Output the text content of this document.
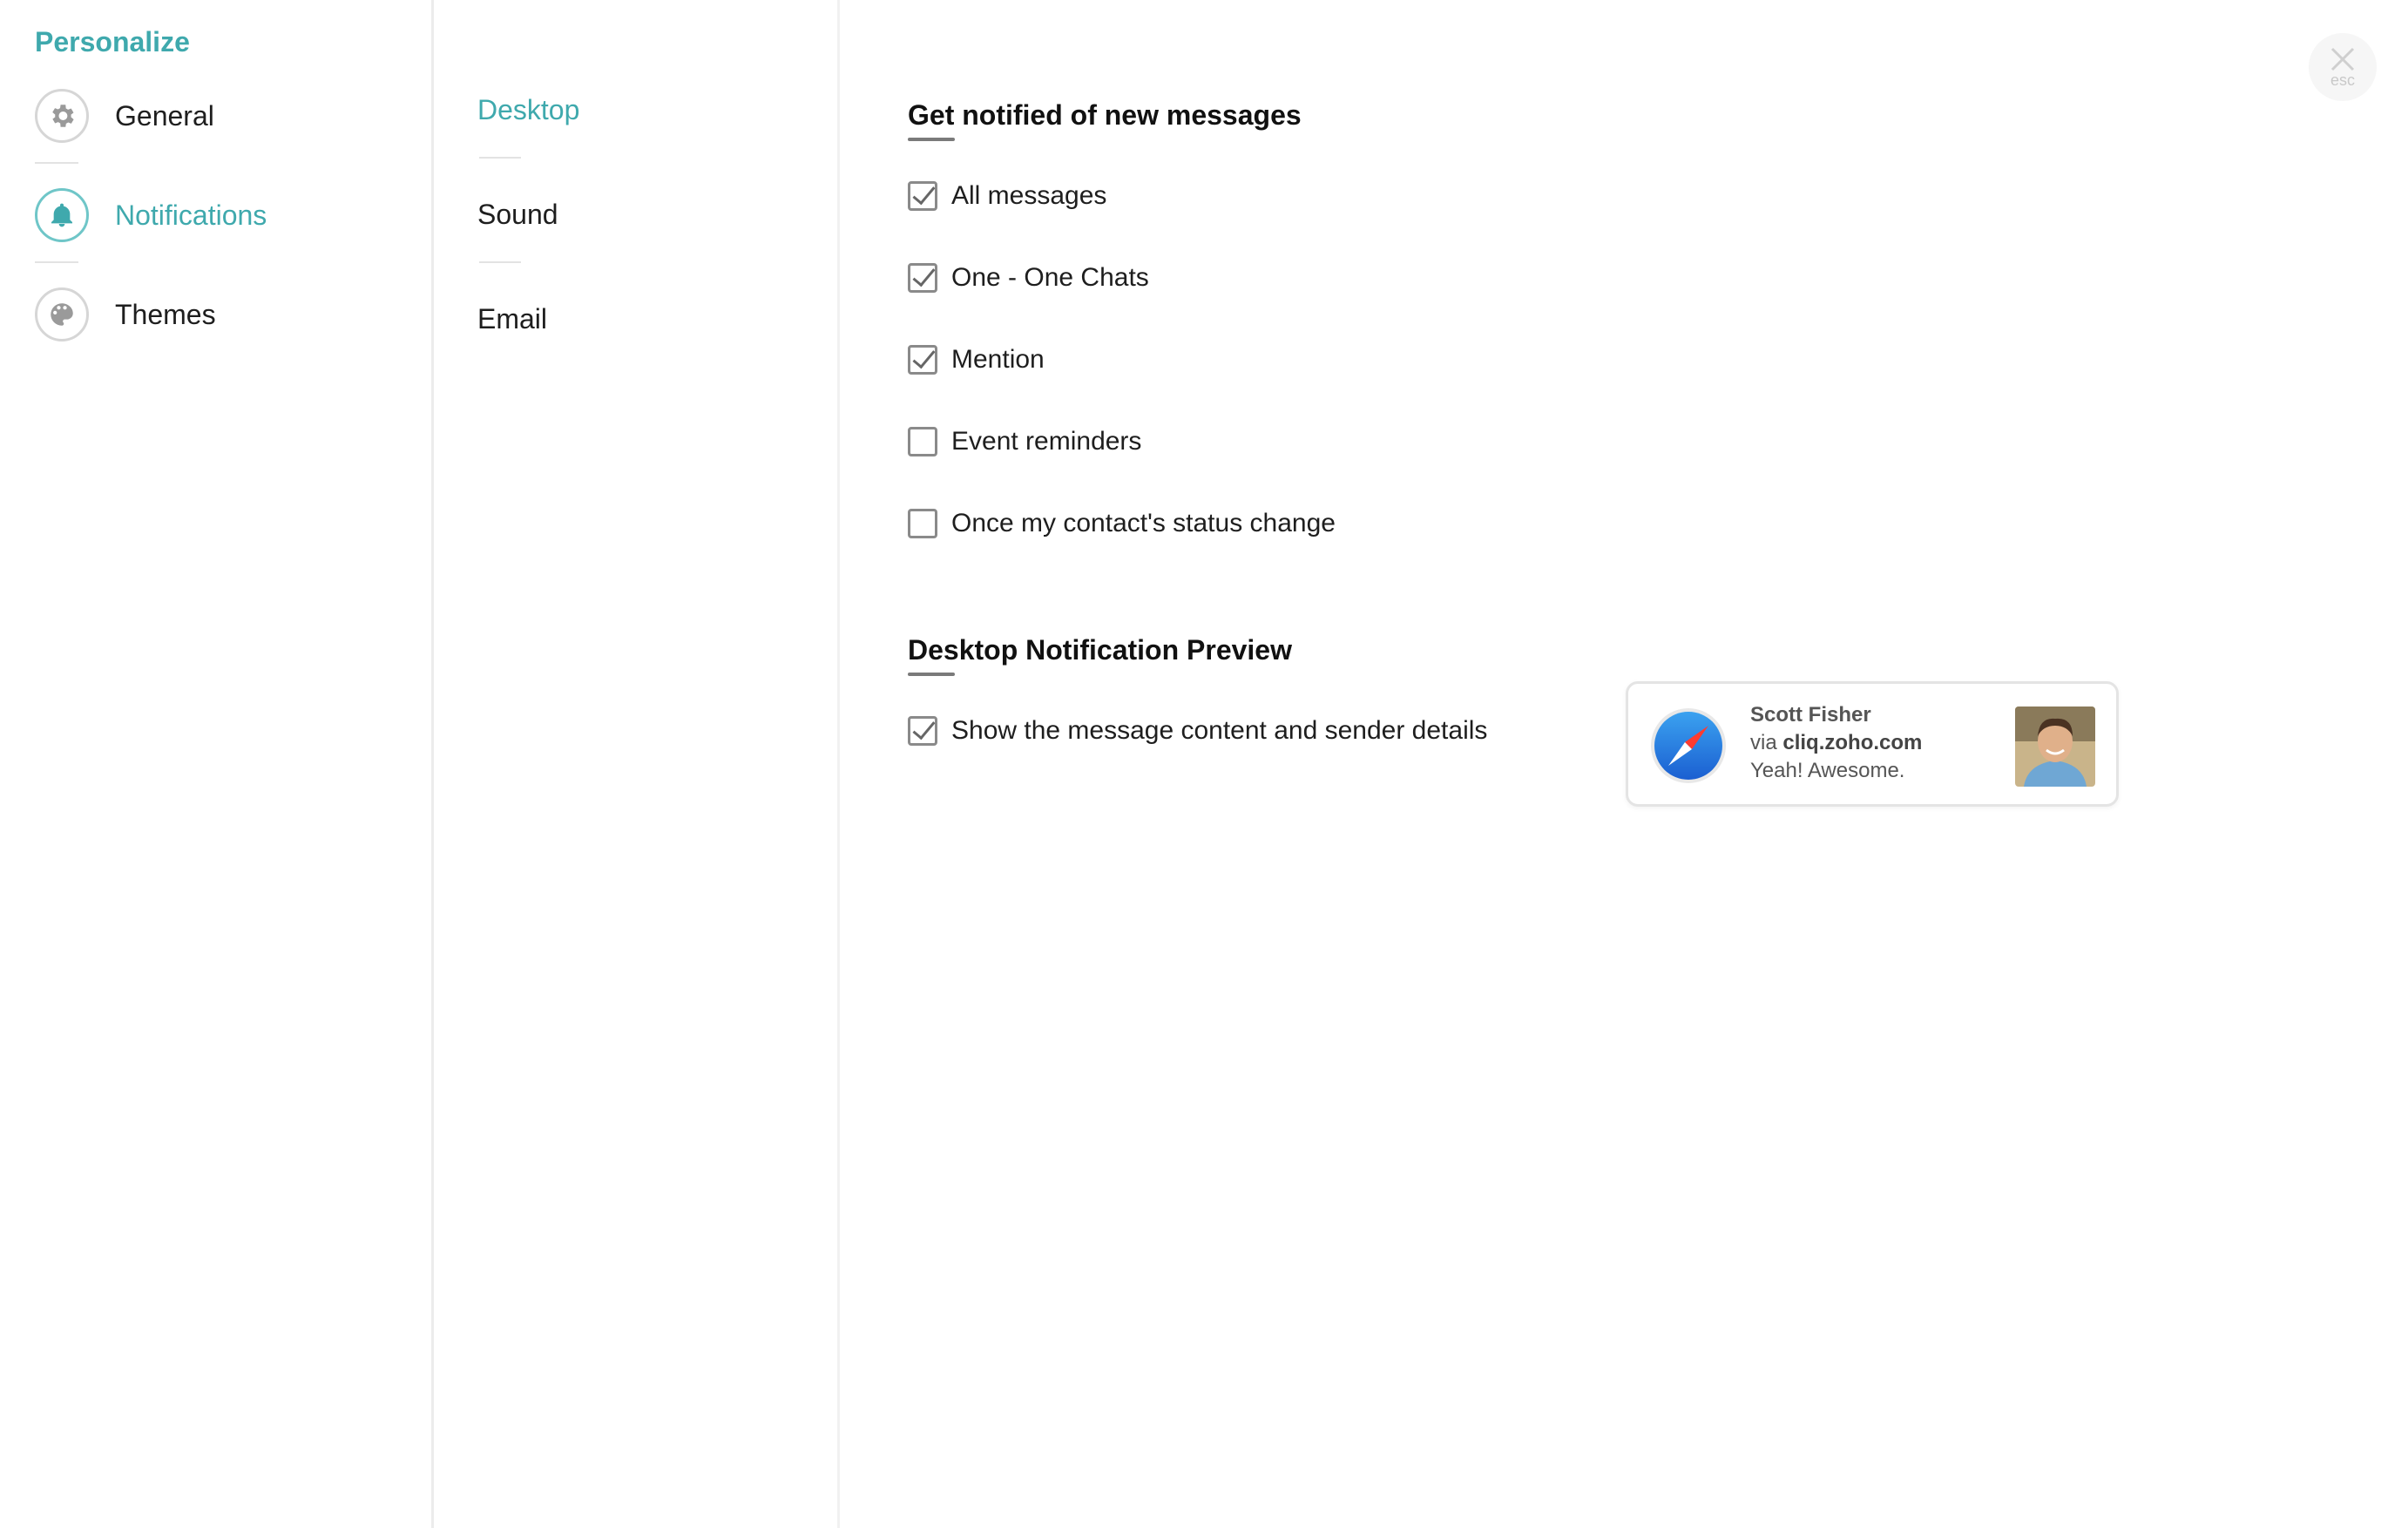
Personalize
General
Notifications
Themes
Desktop
Sound
Email
Get notified of new messages
All messages
One - One Chats
Mention
Event reminders
Once my contact's status change
Desktop Notification Preview
Show the message content and sender details
Scott Fisher
via cliq.zoho.com
Yeah! Awesome.
esc
